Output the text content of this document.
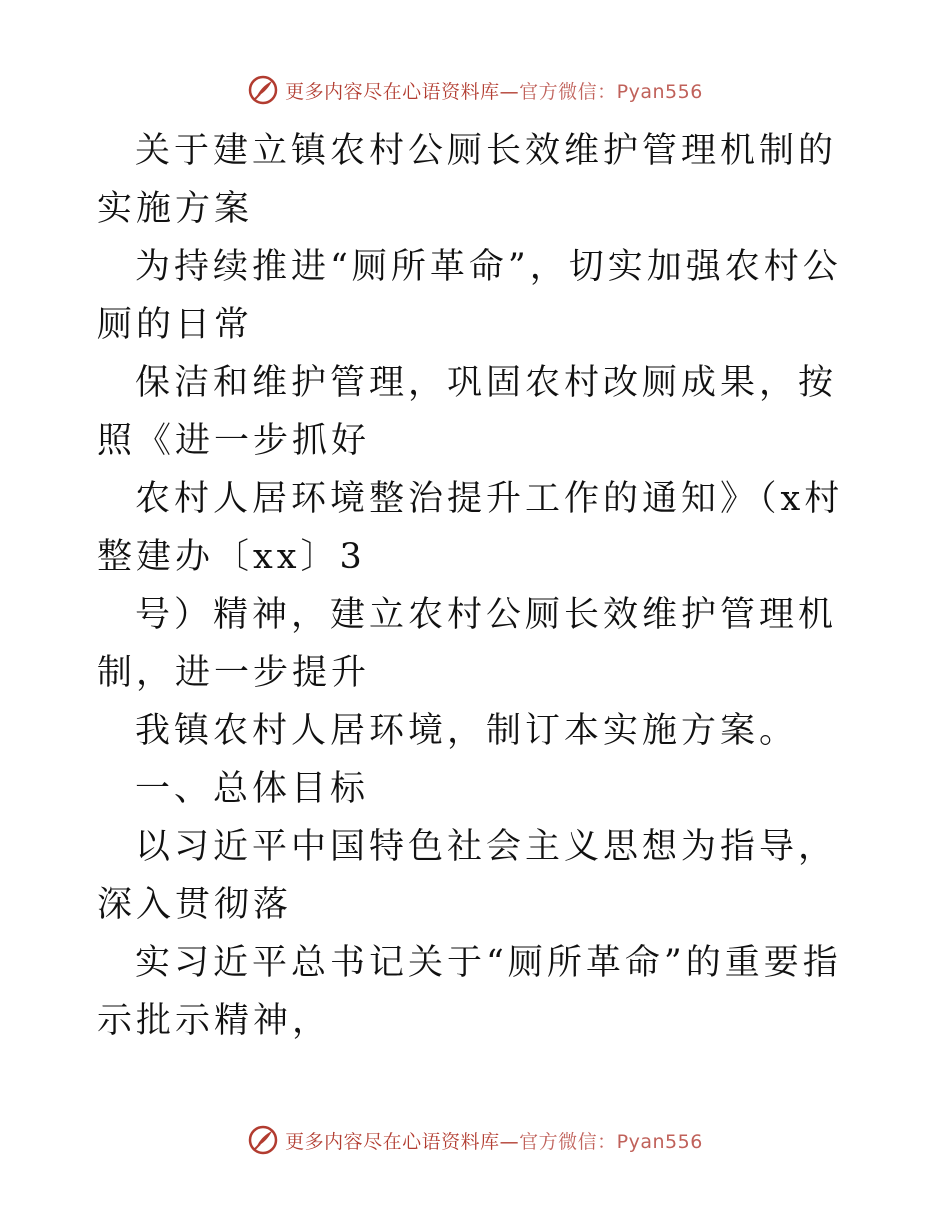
更多内容尽在心语资料库—官方微信：Pyan556

关于建立镇农村公厕长效维护管理机制的实施方案

为持续推进“厕所革命”，切实加强农村公厕的日常

保洁和维护管理，巩固农村改厕成果，按照《进一步抓好

农村人居环境整治提升工作的通知》（x村整建办〔xx〕3

号）精神，建立农村公厕长效维护管理机制，进一步提升

我镇农村人居环境，制订本实施方案。

一、总体目标

以习近平中国特色社会主义思想为指导，深入贯彻落

实习近平总书记关于“厕所革命”的重要指示批示精神，

更多内容尽在心语资料库—官方微信：Pyan556
